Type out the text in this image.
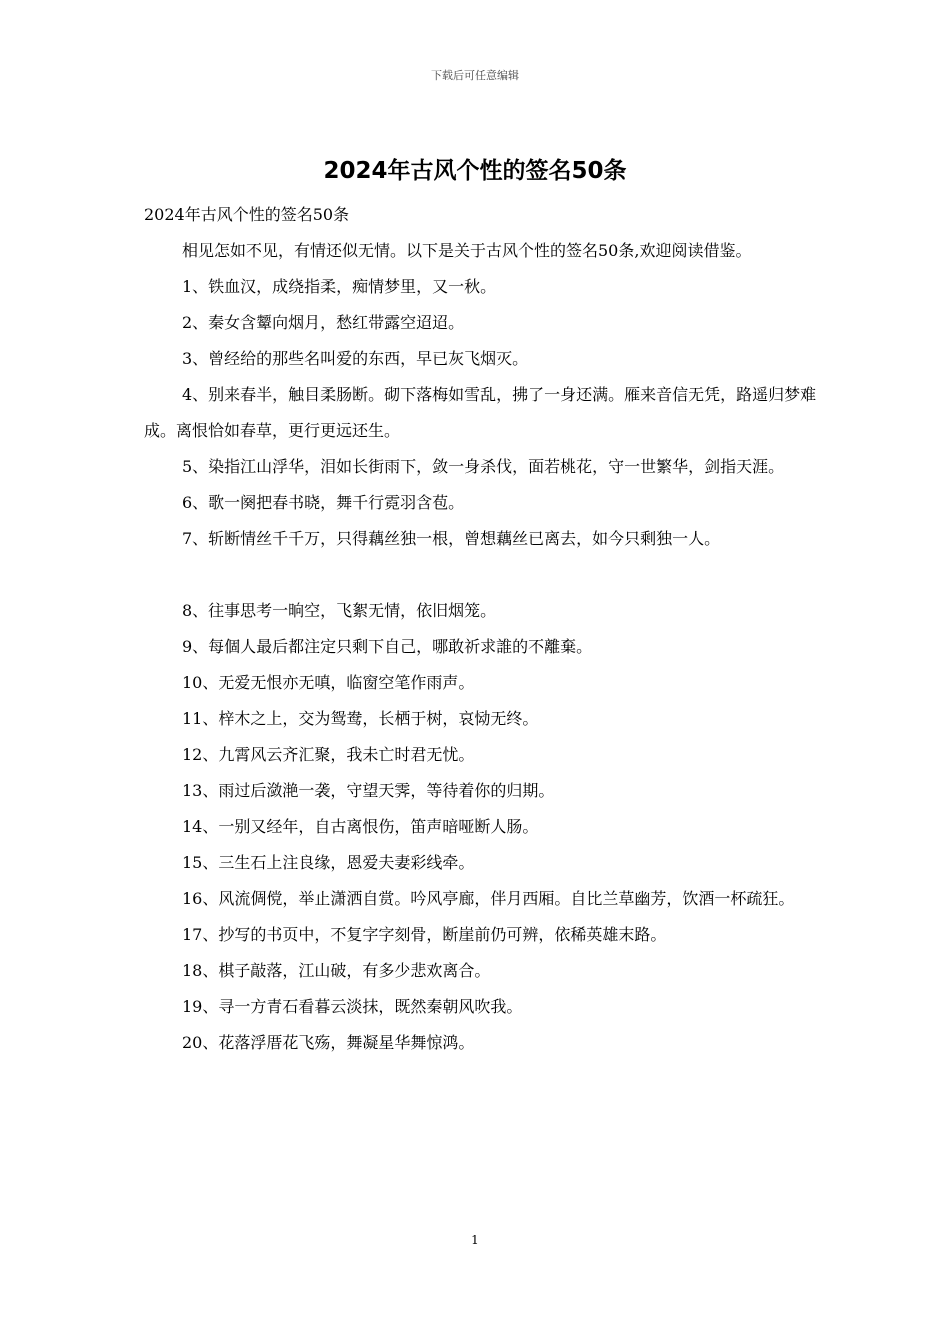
下载后可任意编辑
2024年古风个性的签名50条

2024年古风个性的签名50条

相见怎如不见，有情还似无情。以下是关于古风个性的签名50条,欢迎阅读借鉴。

1、铁血汉，成绕指柔，痴情梦里，又一秋。

2、秦女含颦向烟月，愁红带露空迢迢。

3、曾经给的那些名叫爱的东西，早已灰飞烟灭。

4、别来春半，触目柔肠断。砌下落梅如雪乱，拂了一身还满。雁来音信无凭，路遥归梦难成。离恨恰如春草，更行更远还生。

5、染指江山浮华，泪如长街雨下，敛一身杀伐，面若桃花，守一世繁华，剑指天涯。

6、歌一阕把春书晓，舞千行霓羽含苞。

7、斩断情丝千千万，只得藕丝独一根，曾想藕丝已离去，如今只剩独一人。

8、往事思考一晌空，飞絮无情，依旧烟笼。

9、每個人最后都注定只剩下自己，哪敢祈求誰的不離棄。

10、无爱无恨亦无嗔，临窗空笔作雨声。

11、梓木之上，交为鸳鸯，长栖于树，哀恸无终。

12、九霄风云齐汇聚，我未亡时君无忧。

13、雨过后潋滟一袭，守望天霁，等待着你的归期。

14、一别又经年，自古离恨伤，笛声暗哑断人肠。

15、三生石上注良缘，恩爱夫妻彩线牵。

16、风流倜傥，举止潇洒自赏。吟风亭廊，伴月西厢。自比兰草幽芳，饮酒一杯疏狂。

17、抄写的书页中，不复字字刻骨，断崖前仍可辨，依稀英雄末路。

18、棋子敲落，江山破，有多少悲欢离合。

19、寻一方青石看暮云淡抹，既然秦朝风吹我。

20、花落浮厝花飞殇，舞凝星华舞惊鸿。

1
